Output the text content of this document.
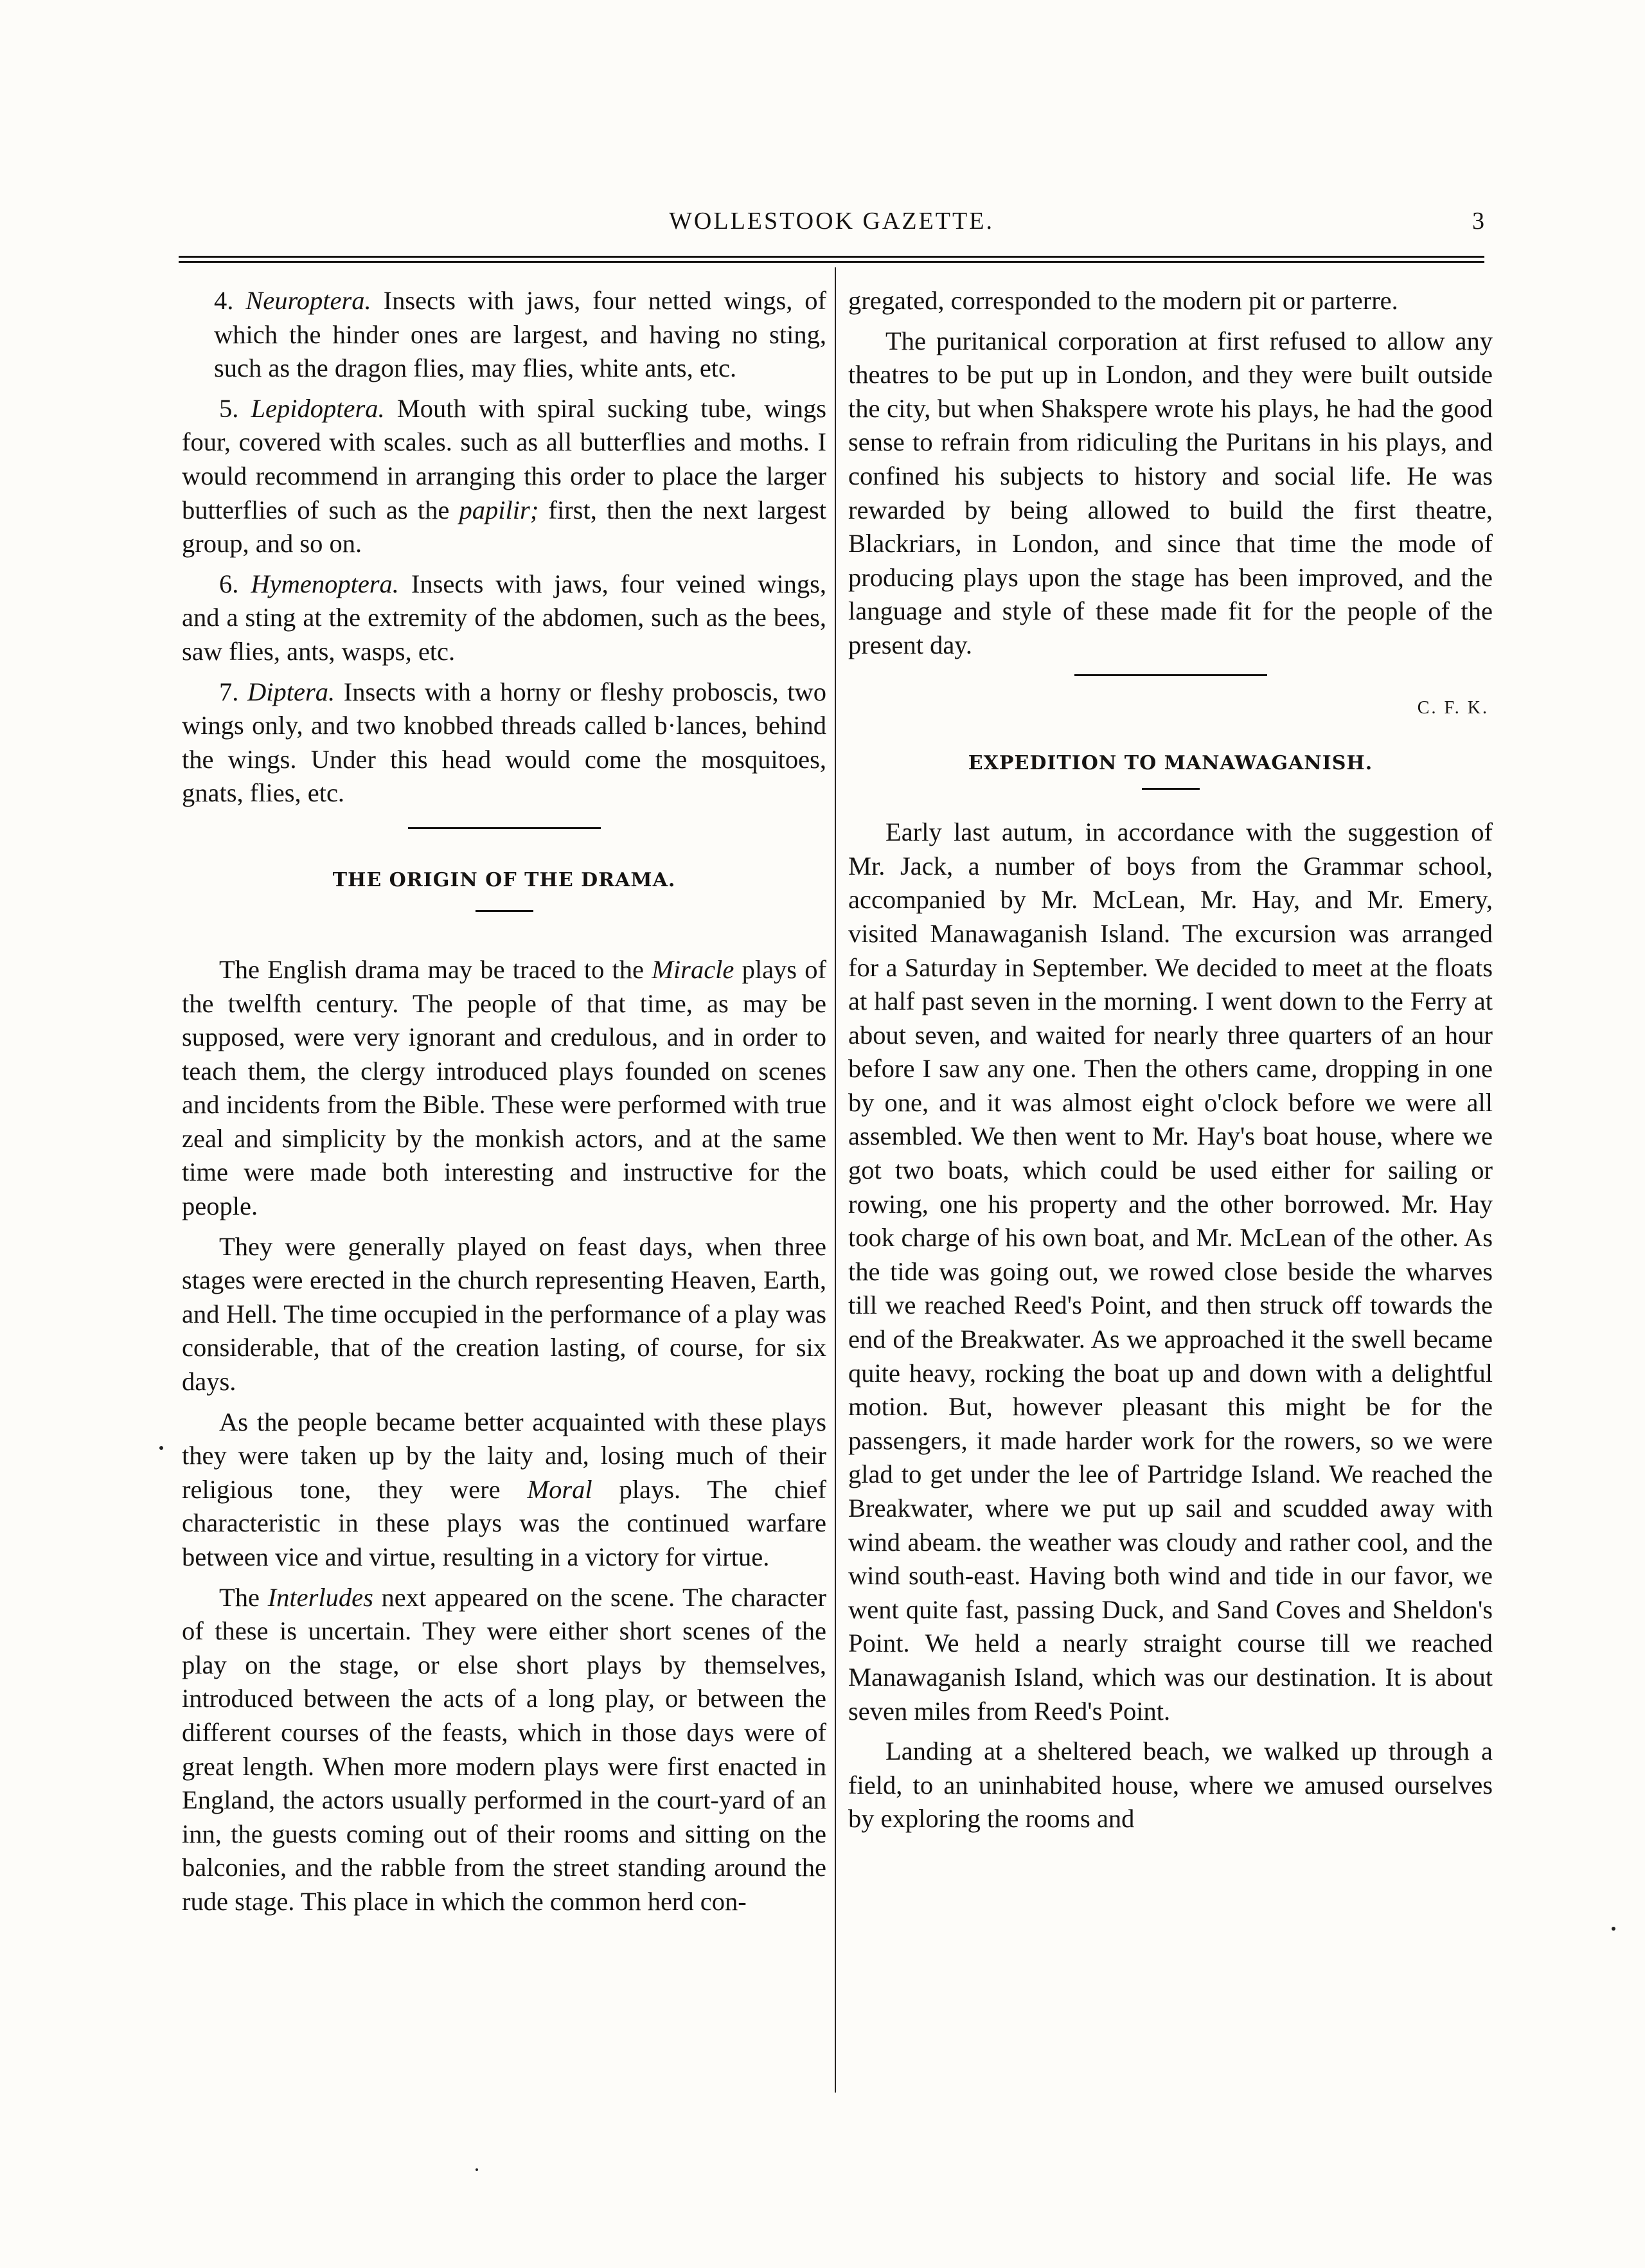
WOLLESTOOK GAZETTE.	3

4. Neuroptera. Insects with jaws, four netted wings, of which the hinder ones are largest, and having no sting, such as the dragon flies, may flies, white ants, etc.

5. Lepidoptera. Mouth with spiral sucking tube, wings four, covered with scales. such as all butterflies and moths. I would recommend in arranging this order to place the larger butterflies of such as the papilir; first, then the next largest group, and so on.

6. Hymenoptera. Insects with jaws, four veined wings, and a sting at the extremity of the abdomen, such as the bees, saw flies, ants, wasps, etc.

7. Diptera. Insects with a horny or fleshy proboscis, two wings only, and two knobbed threads called b·lances, behind the wings. Under this head would come the mosquitoes, gnats, flies, etc.

THE ORIGIN OF THE DRAMA.

The English drama may be traced to the Miracle plays of the twelfth century. The people of that time, as may be supposed, were very ignorant and credulous, and in order to teach them, the clergy introduced plays founded on scenes and incidents from the Bible. These were performed with true zeal and simplicity by the monkish actors, and at the same time were made both interesting and instructive for the people.

They were generally played on feast days, when three stages were erected in the church representing Heaven, Earth, and Hell. The time occupied in the performance of a play was considerable, that of the creation lasting, of course, for six days.

As the people became better acquainted with these plays they were taken up by the laity and, losing much of their religious tone, they were Moral plays. The chief characteristic in these plays was the continued warfare between vice and virtue, resulting in a victory for virtue.

The Interludes next appeared on the scene. The character of these is uncertain. They were either short scenes of the play on the stage, or else short plays by themselves, introduced between the acts of a long play, or between the different courses of the feasts, which in those days were of great length. When more modern plays were first enacted in England, the actors usually performed in the court-yard of an inn, the guests coming out of their rooms and sitting on the balconies, and the rabble from the street standing around the rude stage. This place in which the common herd con-

gregated, corresponded to the modern pit or parterre.

The puritanical corporation at first refused to allow any theatres to be put up in London, and they were built outside the city, but when Shakspere wrote his plays, he had the good sense to refrain from ridiculing the Puritans in his plays, and confined his subjects to history and social life. He was rewarded by being allowed to build the first theatre, Blackriars, in London, and since that time the mode of producing plays upon the stage has been improved, and the language and style of these made fit for the people of the present day.

C. F. K.
EXPEDITION TO MANAWAGANISH.

Early last autum, in accordance with the suggestion of Mr. Jack, a number of boys from the Grammar school, accompanied by Mr. McLean, Mr. Hay, and Mr. Emery, visited Manawaganish Island. The excursion was arranged for a Saturday in September. We decided to meet at the floats at half past seven in the morning. I went down to the Ferry at about seven, and waited for nearly three quarters of an hour before I saw any one. Then the others came, dropping in one by one, and it was almost eight o'clock before we were all assembled. We then went to Mr. Hay's boat house, where we got two boats, which could be used either for sailing or rowing, one his property and the other borrowed. Mr. Hay took charge of his own boat, and Mr. McLean of the other. As the tide was going out, we rowed close beside the wharves till we reached Reed's Point, and then struck off towards the end of the Breakwater. As we approached it the swell became quite heavy, rocking the boat up and down with a delightful motion. But, however pleasant this might be for the passengers, it made harder work for the rowers, so we were glad to get under the lee of Partridge Island. We reached the Breakwater, where we put up sail and scudded away with wind abeam. the weather was cloudy and rather cool, and the wind south-east. Having both wind and tide in our favor, we went quite fast, passing Duck, and Sand Coves and Sheldon's Point. We held a nearly straight course till we reached Manawaganish Island, which was our destination. It is about seven miles from Reed's Point.

Landing at a sheltered beach, we walked up through a field, to an uninhabited house, where we amused ourselves by exploring the rooms and
